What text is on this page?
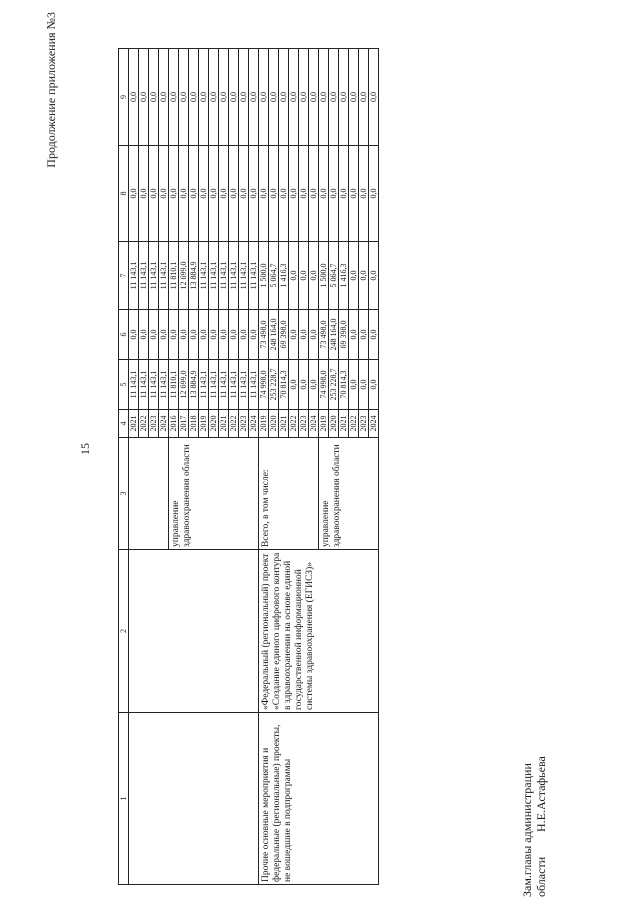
15
Продолжение приложения №3
1	2	3	4	5	6	7	8	9
			2021	11 143,1	0,0	11 143,1	0,0	0,0
			2022	11 143,1	0,0	11 143,1	0,0	0,0
			2023	11 143,1	0,0	11 143,1	0,0	0,0
			2024	11 143,1	0,0	11 143,1	0,0	0,0
		управление здравоохранения области	2016	11 810,1	0,0	11 810,1	0,0	0,0
			2017	12 699,0	0,0	12 699,0	0,0	0,0
			2018	13 884,9	0,0	13 884,9	0,0	0,0
			2019	11 143,1	0,0	11 143,1	0,0	0,0
			2020	11 143,1	0,0	11 143,1	0,0	0,0
			2021	11 143,1	0,0	11 143,1	0,0	0,0
			2022	11 143,1	0,0	11 143,1	0,0	0,0
			2023	11 143,1	0,0	11 143,1	0,0	0,0
			2024	11 143,1	0,0	11 143,1	0,0	0,0
Прочие основные мероприятия и федеральные (региональные) проекты, не вошедшие в подпрограммы	«Федеральный (региональный) проект «Создание единого цифрового контура в здравоохранении на основе единой государственной информационной системы здравоохранения (ЕГИСЗ)»	Всего, в том числе:	2019	74 998,0	73 498,0	1 500,0	0,0	0,0
			2020	253 228,7	248 164,0	5 064,7	0,0	0,0
			2021	70 814,3	69 398,0	1 416,3	0,0	0,0
			2022	0,0	0,0	0,0	0,0	0,0
			2023	0,0	0,0	0,0	0,0	0,0
			2024	0,0	0,0	0,0	0,0	0,0
		управление здравоохранения области	2019	74 998,0	73 498,0	1 500,0	0,0	0,0
			2020	253 228,7	248 164,0	5 064,7	0,0	0,0
			2021	70 814,3	69 398,0	1 416,3	0,0	0,0
			2022	0,0	0,0	0,0	0,0	0,0
			2023	0,0	0,0	0,0	0,0	0,0
			2024	0,0	0,0	0,0	0,0	0,0
Зам.главы администрации области Н.Е.Астафьева
